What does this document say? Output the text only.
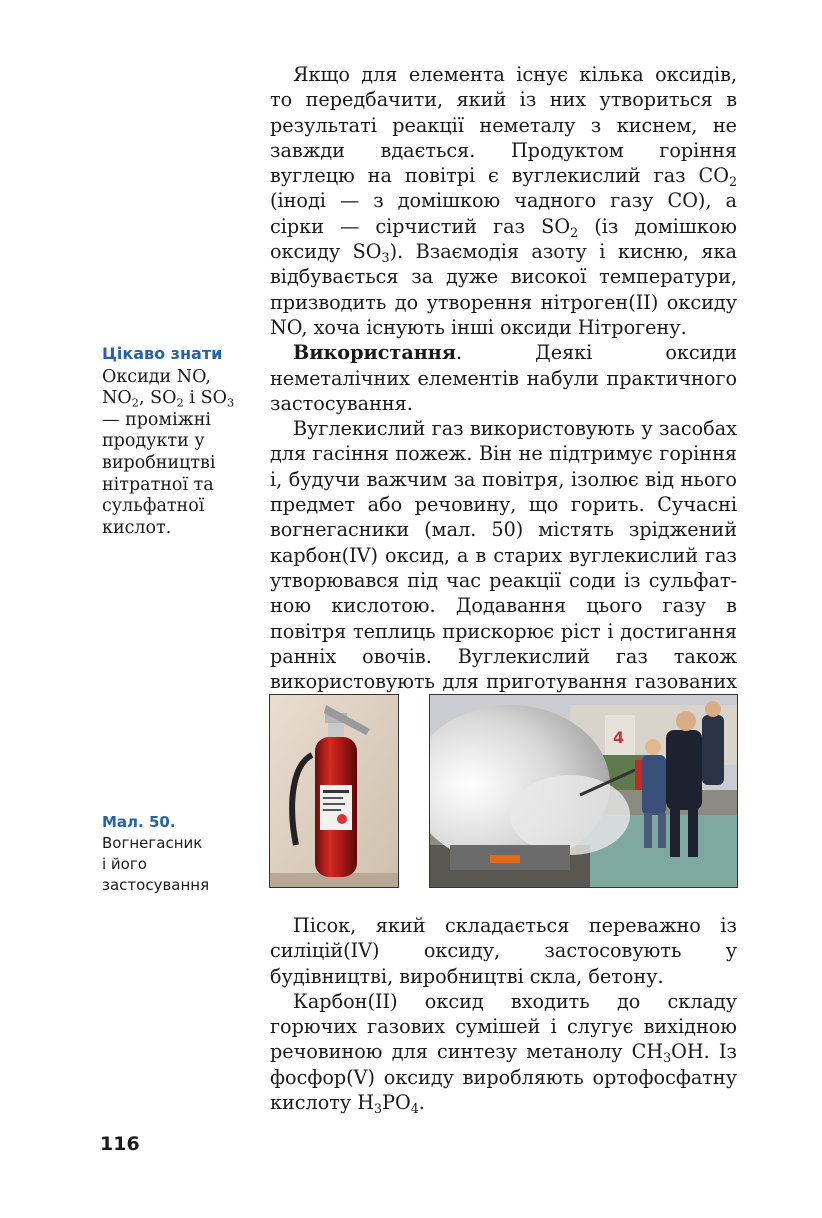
Якщо для елемента існує кілька оксидів, то передбачити, який із них утвориться в результаті реакції неметалу з киснем, не завжди вдається. Продуктом горіння вуглецю на повітрі є вуглекислий газ $CO_2$ (іноді — з домішкою чадного газу CO), а сірки — сірчистий газ $SO_2$ (із домішкою оксиду $SO_3$). Взаємодія азоту і кисню, яка відбувається за дуже високої температури, призводить до утворення нітроген(II) оксиду NO, хоча існують інші оксиди Нітрогену.

Використання. Деякі оксиди неметалічних елементів набули практичного застосування.

Вуглекислий газ використовують у засобах для гасіння пожеж. Він не підтримує горіння і, будучи важчим за повітря, ізолює від нього предмет або речовину, що горить. Сучасні вогнегасники (мал. 50) містять зріджений карбон(IV) оксид, а в старих вуглекислий газ утворювався під час реакції соди із сульфатною кислотою. Додавання цього газу в повітря теплиць прискорює ріст і достигання ранніх овочів. Вуглекислий газ також використовують для приготування газованих

Цікаво знати
Оксиди NO, $NO_2$, $SO_2$ і $SO_3$ — проміжні продукти у виробництві нітратної та сульфатної кислот.
4
Мал. 50.
Вогнегасник
і його
застосування

Пісок, який складається переважно із силіцій(IV) оксиду, застосовують у будівництві, виробництві скла, бетону.

Карбон(II) оксид входить до складу горючих газових сумішей і слугує вихідною речовиною для синтезу метанолу $CH_3OH$. Із фосфор(V) оксиду виробляють ортофосфатну кислоту $H_3PO_4$.

116
